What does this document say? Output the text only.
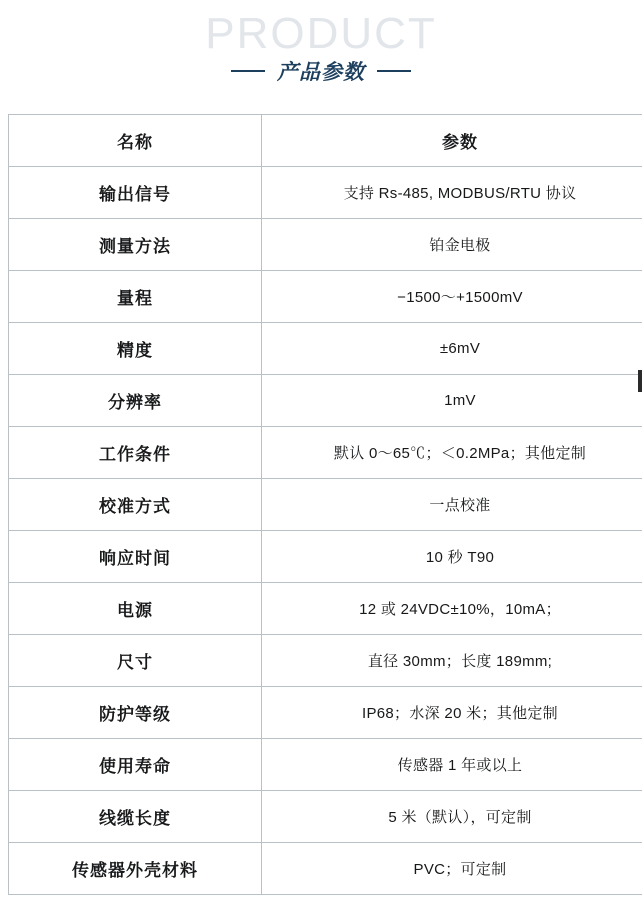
PRODUCT
产品参数
名称	参数
输出信号	支持 Rs-485, MODBUS/RTU 协议
测量方法	铂金电极
量程	−1500〜+1500mV
精度	±6mV
分辨率	1mV
工作条件	默认 0〜65℃；＜0.2MPa；其他定制
校准方式	一点校准
响应时间	10 秒 T90
电源	12 或 24VDC±10%，10mA；
尺寸	直径 30mm；长度 189mm;
防护等级	IP68；水深 20 米；其他定制
使用寿命	传感器 1 年或以上
线缆长度	5 米（默认），可定制
传感器外壳材料	PVC；可定制
